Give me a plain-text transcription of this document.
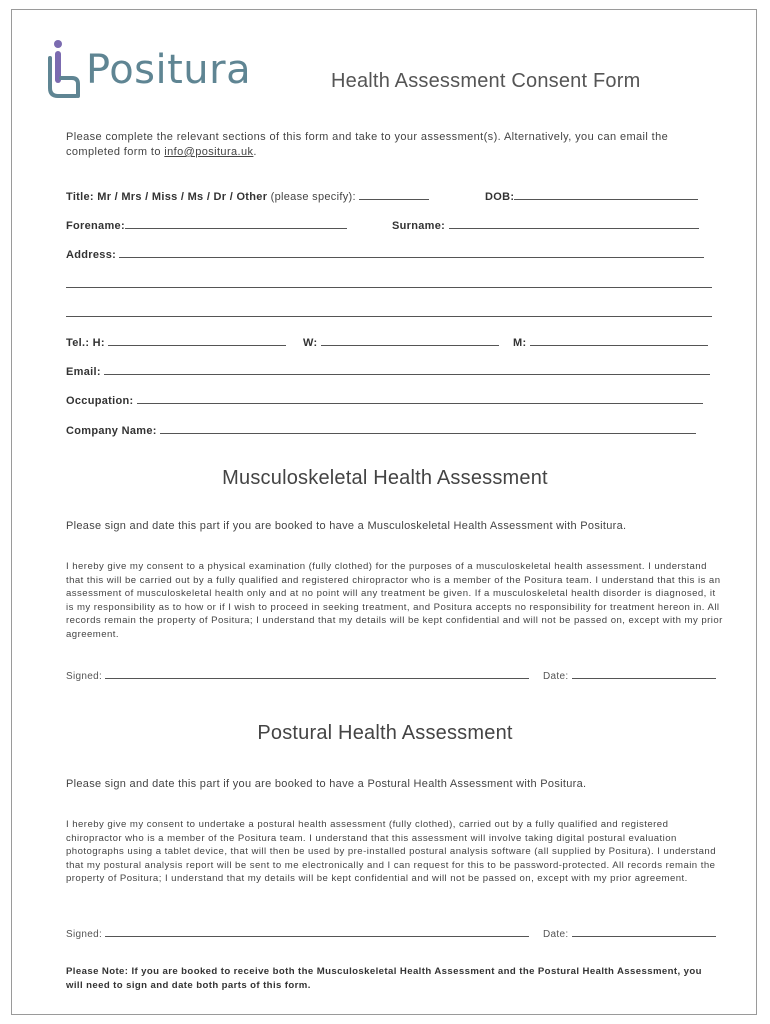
Positura	Health Assessment Consent Form
Please complete the relevant sections of this form and take to your assessment(s). Alternatively, you can email the completed form to info@positura.uk.
Title: Mr / Mrs / Miss / Ms / Dr / Other (please specify):	DOB:
Forename:	Surname:
Address:
Tel.: H:	W:	M:
Email:
Occupation:
Company Name:
Musculoskeletal Health Assessment
Please sign and date this part if you are booked to have a Musculoskeletal Health Assessment with Positura.
I hereby give my consent to a physical examination (fully clothed) for the purposes of a musculoskeletal health assessment. I understand that this will be carried out by a fully qualified and registered chiropractor who is a member of the Positura team. I understand that this is an assessment of musculoskeletal health only and at no point will any treatment be given. If a musculoskeletal health disorder is diagnosed, it is my responsibility as to how or if I wish to proceed in seeking treatment, and Positura accepts no responsibility for treatment hereon in. All records remain the property of Positura; I understand that my details will be kept confidential and will not be passed on, except with my prior agreement.
Signed:	Date:
Postural Health Assessment
Please sign and date this part if you are booked to have a Postural Health Assessment with Positura.
I hereby give my consent to undertake a postural health assessment (fully clothed), carried out by a fully qualified and registered chiropractor who is a member of the Positura team. I understand that this assessment will involve taking digital postural evaluation photographs using a tablet device, that will then be used by pre-installed postural analysis software (all supplied by Positura). I understand that my postural analysis report will be sent to me electronically and I can request for this to be password-protected. All records remain the property of Positura; I understand that my details will be kept confidential and will not be passed on, except with my prior agreement.
Signed:	Date:
Please Note: If you are booked to receive both the Musculoskeletal Health Assessment and the Postural Health Assessment, you will need to sign and date both parts of this form.
